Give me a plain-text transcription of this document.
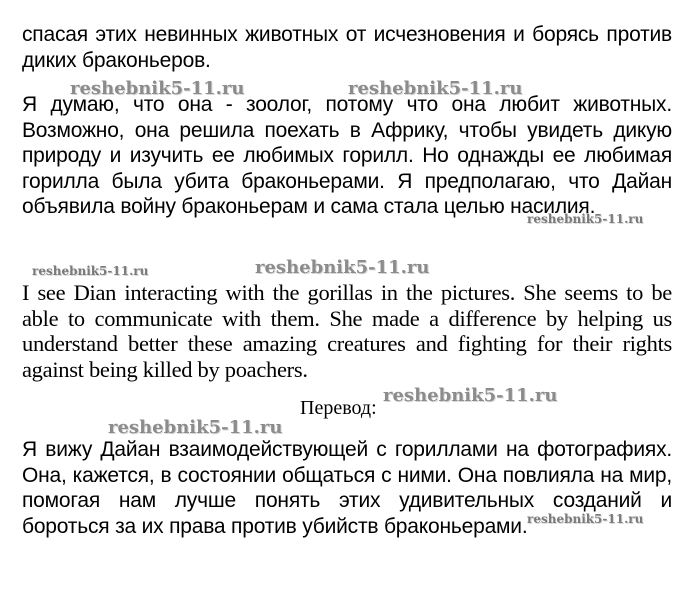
спасая этих невинных животных от исчезновения и борясь против диких браконьеров.

Я думаю, что она - зоолог, потому что она любит животных. Возможно, она решила поехать в Африку, чтобы увидеть дикую природу и изучить ее любимых горилл. Но однажды ее любимая горилла была убита браконьерами. Я предполагаю, что Дайан объявила войну браконьерам и сама стала целью насилия.

I see Dian interacting with the gorillas in the pictures. She seems to be able to communicate with them. She made a difference by helping us understand better these amazing creatures and fighting for their rights against being killed by poachers.

Перевод:

Я вижу Дайан взаимодействующей с гориллами на фотографиях. Она, кажется, в состоянии общаться с ними. Она повлияла на мир, помогая нам лучше понять этих удивительных созданий и бороться за их права против убийств браконьерами.

reshebnik5-11.ru	reshebnik5-11.ru
reshebnik5-11.ru
reshebnik5-11.ru	reshebnik5-11.ru
reshebnik5-11.ru
reshebnik5-11.ru
reshebnik5-11.ru
